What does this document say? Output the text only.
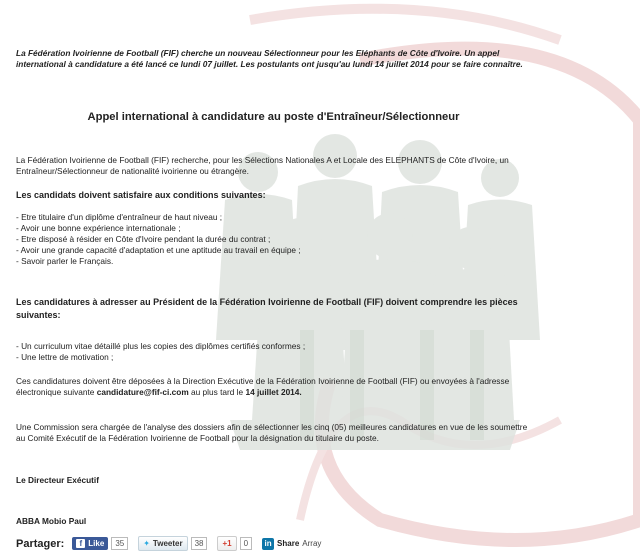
La Fédération Ivoirienne de Football (FIF) cherche un nouveau Sélectionneur pour les Eléphants de Côte d'Ivoire. Un appel international à candidature a été lancé ce lundi 07 juillet. Les postulants ont jusqu'au lundi 14 juillet 2014 pour se faire connaître.
Appel international à candidature au poste d'Entraîneur/Sélectionneur
La Fédération Ivoirienne de Football (FIF) recherche, pour les Sélections Nationales A et Locale des ELEPHANTS de Côte d'Ivoire, un Entraîneur/Sélectionneur de nationalité ivoirienne ou étrangère.
Les candidats doivent satisfaire aux conditions suivantes:
- Etre titulaire d'un diplôme d'entraîneur de haut niveau ;
- Avoir une bonne expérience internationale ;
- Etre disposé à résider en Côte d'Ivoire pendant la durée du contrat ;
- Avoir une grande capacité d'adaptation et une aptitude au travail en équipe ;
- Savoir parler le Français.
Les candidatures à adresser au Président de la Fédération Ivoirienne de Football (FIF) doivent comprendre les pièces suivantes:
- Un curriculum vitae détaillé plus les copies des diplômes certifiés conformes ;
- Une lettre de motivation ;
Ces candidatures doivent être déposées à la Direction Exécutive de la Fédération Ivoirienne de Football (FIF) ou envoyées à l'adresse électronique suivante candidature@fif-ci.com au plus tard le 14 juillet 2014.
Une Commission sera chargée de l'analyse des dossiers afin de sélectionner les cinq (05) meilleures candidatures en vue de les soumettre au Comité Exécutif de la Fédération Ivoirienne de Football pour la désignation du titulaire du poste.
Le Directeur Exécutif
ABBA Mobio Paul
Partager:	f Like	35	✦ Tweeter	38	+1	0	in Share Array
